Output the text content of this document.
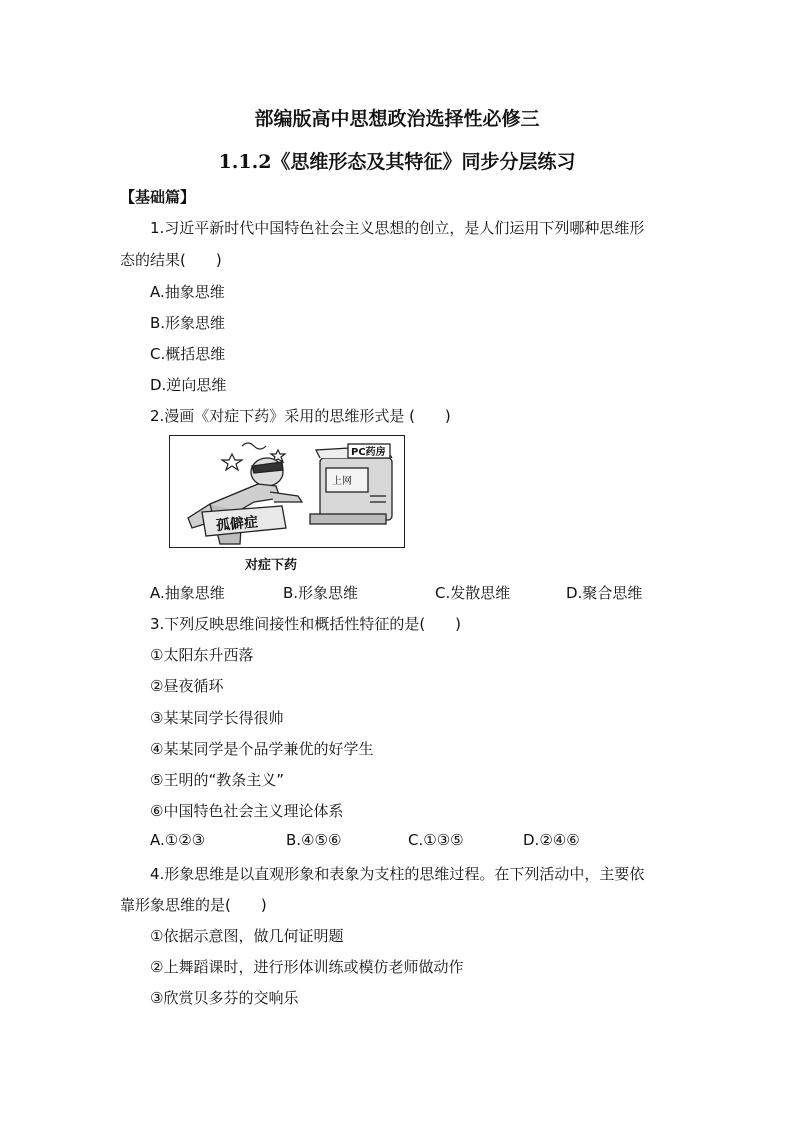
部编版高中思想政治选择性必修三
1.1.2《思维形态及其特征》同步分层练习
【基础篇】
1.习近平新时代中国特色社会主义思想的创立，是人们运用下列哪种思维形
态的结果(　　)
A.抽象思维
B.形象思维
C.概括思维
D.逆向思维
2.漫画《对症下药》采用的思维形式是 (　　)
孤僻症
PC药房
上网
对症下药
A.抽象思维	B.形象思维	C.发散思维	D.聚合思维
3.下列反映思维间接性和概括性特征的是(　　)
①太阳东升西落
②昼夜循环
③某某同学长得很帅
④某某同学是个品学兼优的好学生
⑤王明的“教条主义”
⑥中国特色社会主义理论体系
A.①②③	B.④⑤⑥	C.①③⑤	D.②④⑥
4.形象思维是以直观形象和表象为支柱的思维过程。在下列活动中，主要依
靠形象思维的是(　　)
①依据示意图，做几何证明题
②上舞蹈课时，进行形体训练或模仿老师做动作
③欣赏贝多芬的交响乐
